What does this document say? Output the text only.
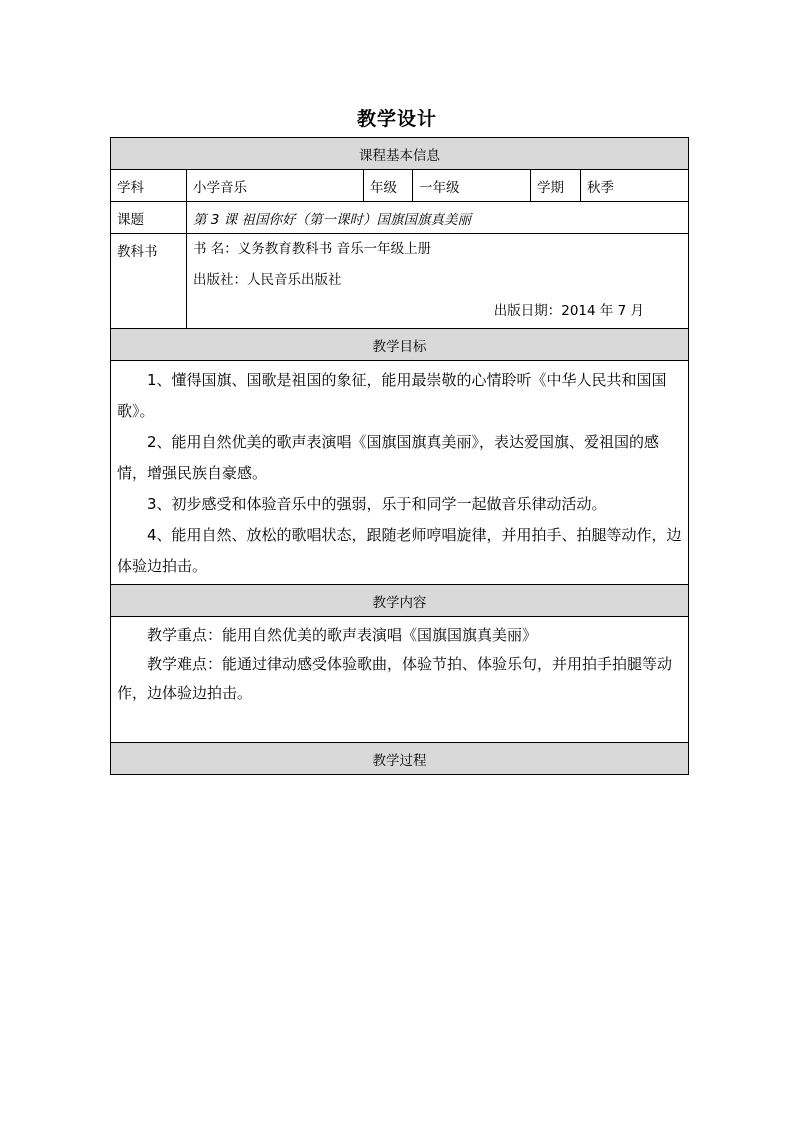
教学设计
课程基本信息					
学科	小学音乐	年级	一年级	学期	秋季
课题	第 3 课 祖国你好（第一课时）国旗国旗真美丽				
教科书	书 名：义务教育教科书 音乐一年级上册
出版社：人民音乐出版社
出版日期：2014 年 7 月				

教学目标					

1、懂得国旗、国歌是祖国的象征，能用最崇敬的心情聆听《中华人民共和国国歌》。

2、能用自然优美的歌声表演唱《国旗国旗真美丽》，表达爱国旗、爱祖国的感情，增强民族自豪感。

3、初步感受和体验音乐中的强弱，乐于和同学一起做音乐律动活动。

4、能用自然、放松的歌唱状态，跟随老师哼唱旋律，并用拍手、拍腿等动作，边体验边拍击。					

教学内容					

教学重点：能用自然优美的歌声表演唱《国旗国旗真美丽》

教学难点：能通过律动感受体验歌曲，体验节拍、体验乐句，并用拍手拍腿等动作，边体验边拍击。					

教学过程					
